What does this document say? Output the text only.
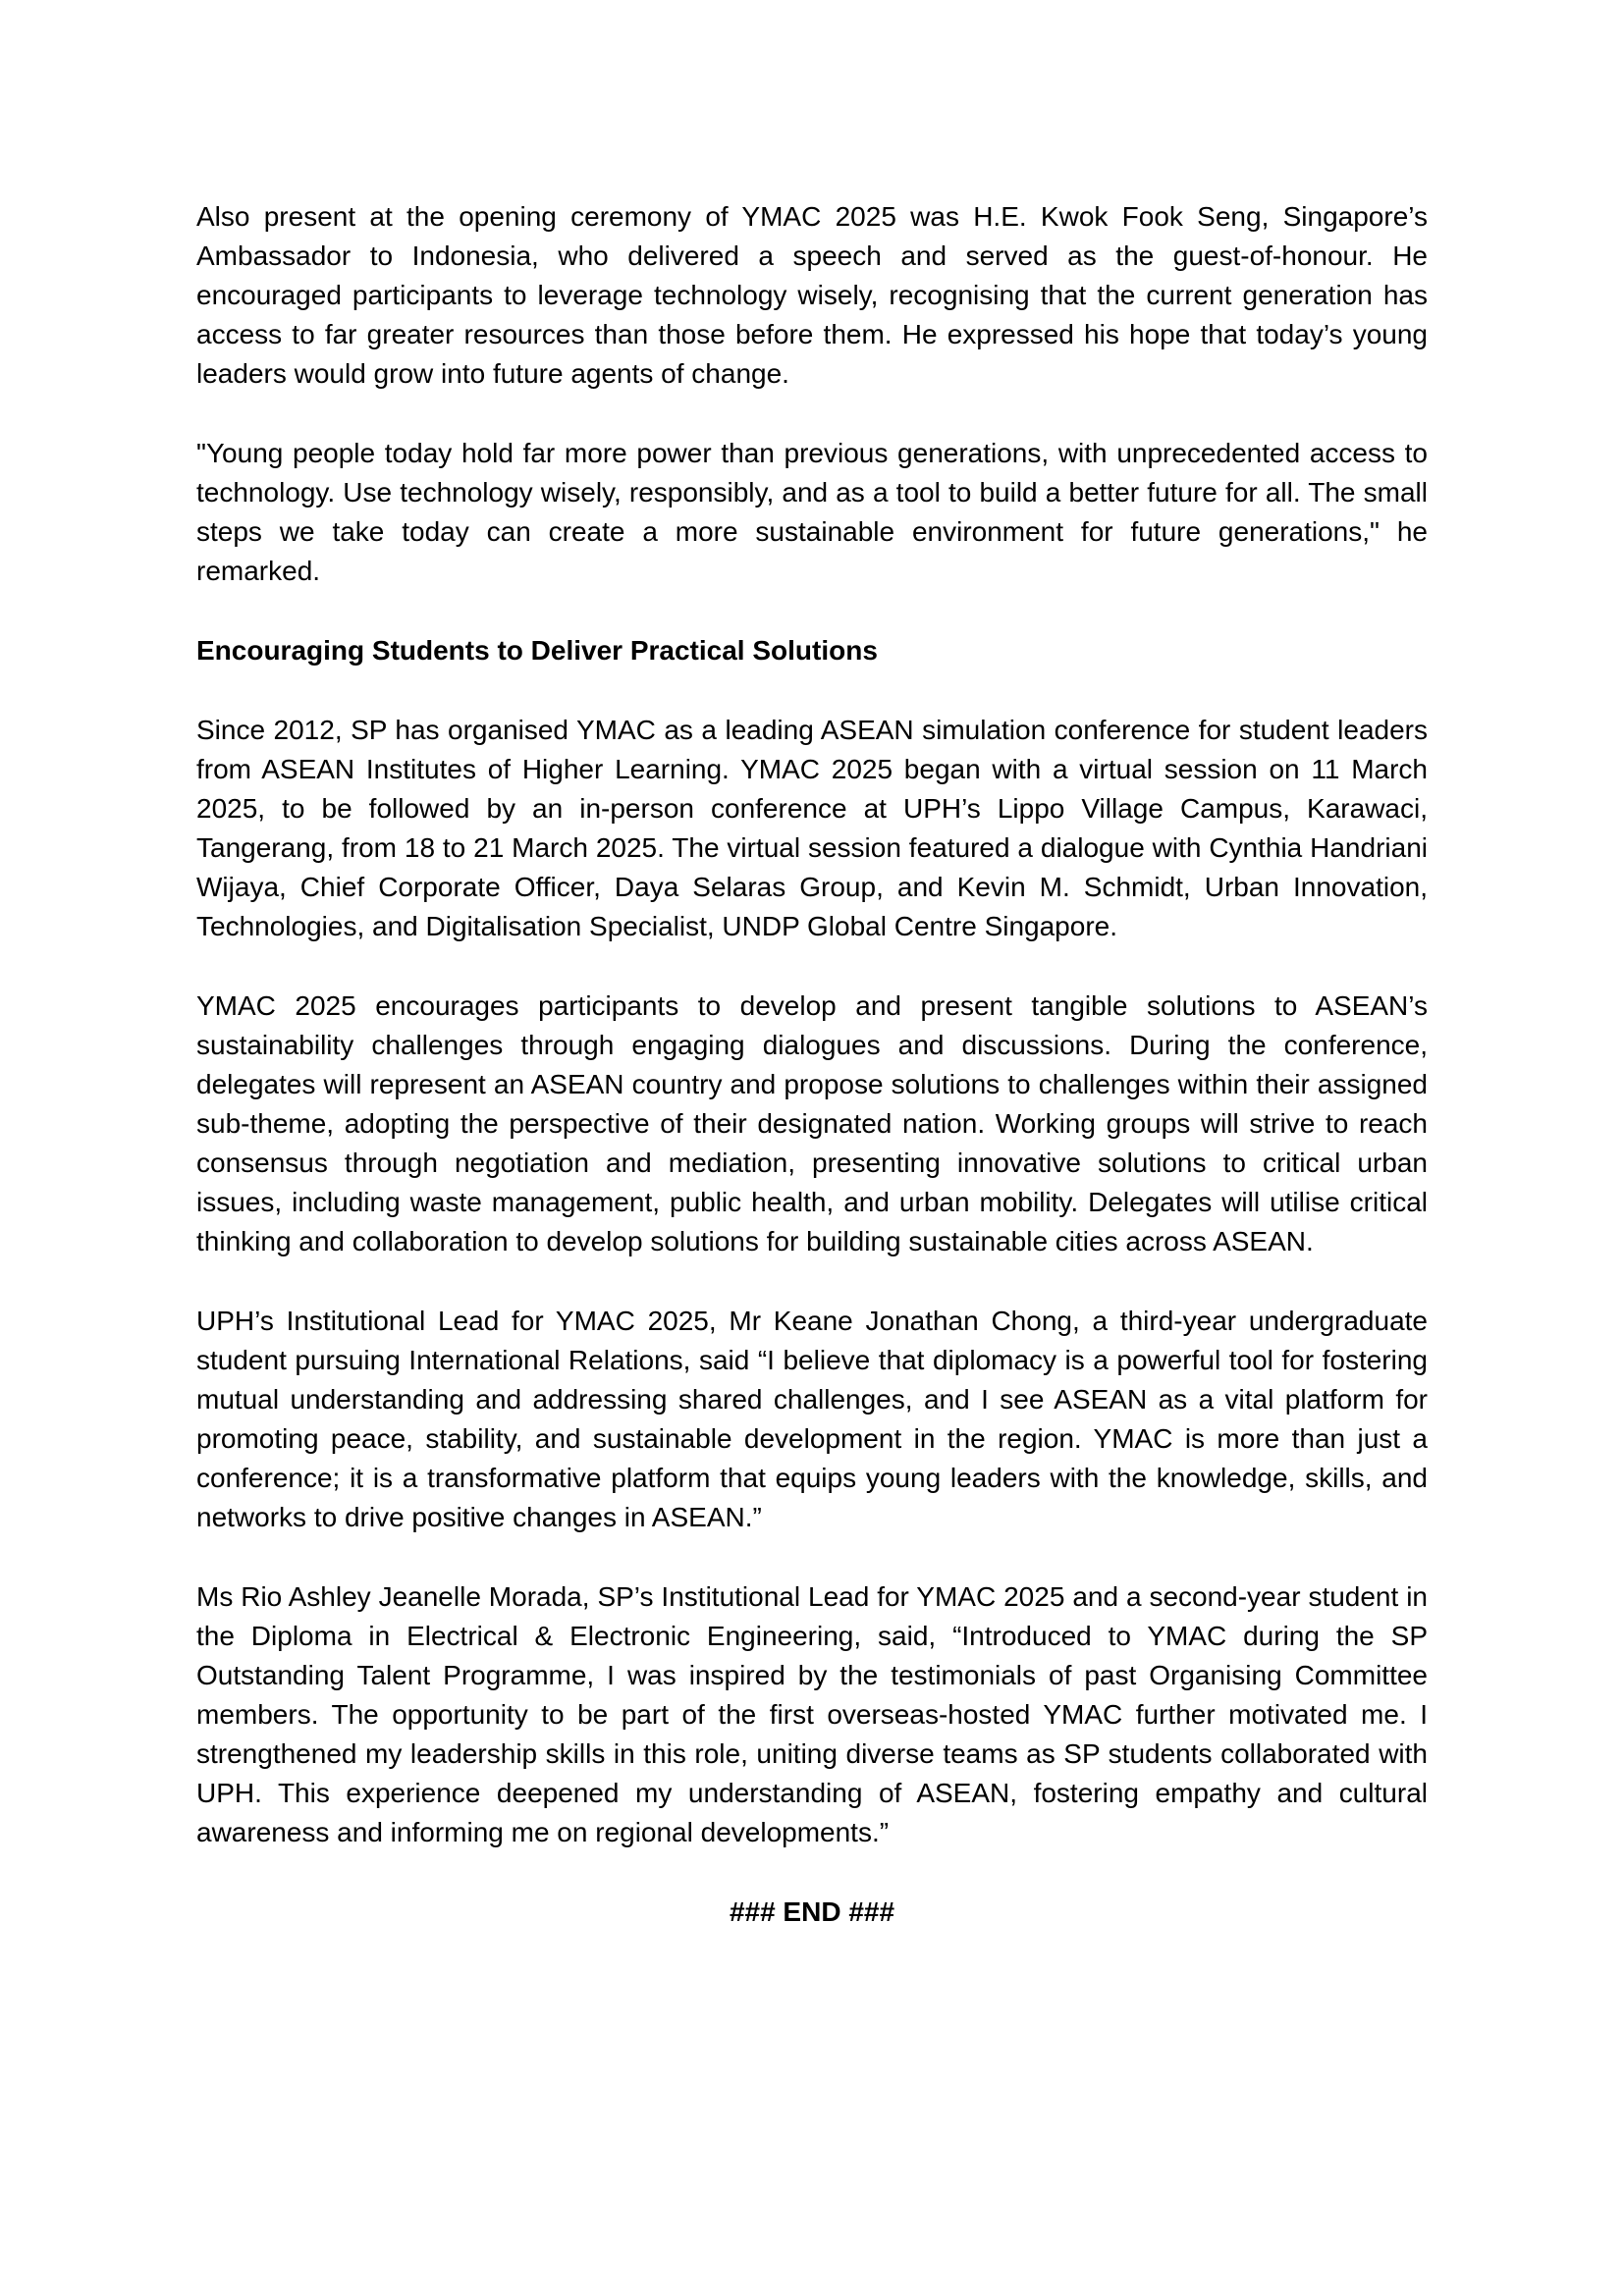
Also present at the opening ceremony of YMAC 2025 was H.E. Kwok Fook Seng, Singapore’s Ambassador to Indonesia, who delivered a speech and served as the guest-of-honour. He encouraged participants to leverage technology wisely, recognising that the current generation has access to far greater resources than those before them. He expressed his hope that today’s young leaders would grow into future agents of change.

"Young people today hold far more power than previous generations, with unprecedented access to technology. Use technology wisely, responsibly, and as a tool to build a better future for all. The small steps we take today can create a more sustainable environment for future generations," he remarked.

Encouraging Students to Deliver Practical Solutions

Since 2012, SP has organised YMAC as a leading ASEAN simulation conference for student leaders from ASEAN Institutes of Higher Learning. YMAC 2025 began with a virtual session on 11 March 2025, to be followed by an in-person conference at UPH’s Lippo Village Campus, Karawaci, Tangerang, from 18 to 21 March 2025. The virtual session featured a dialogue with Cynthia Handriani Wijaya, Chief Corporate Officer, Daya Selaras Group, and Kevin M. Schmidt, Urban Innovation, Technologies, and Digitalisation Specialist, UNDP Global Centre Singapore.

YMAC 2025 encourages participants to develop and present tangible solutions to ASEAN’s sustainability challenges through engaging dialogues and discussions. During the conference, delegates will represent an ASEAN country and propose solutions to challenges within their assigned sub-theme, adopting the perspective of their designated nation. Working groups will strive to reach consensus through negotiation and mediation, presenting innovative solutions to critical urban issues, including waste management, public health, and urban mobility. Delegates will utilise critical thinking and collaboration to develop solutions for building sustainable cities across ASEAN.

UPH’s Institutional Lead for YMAC 2025, Mr Keane Jonathan Chong, a third-year undergraduate student pursuing International Relations, said “I believe that diplomacy is a powerful tool for fostering mutual understanding and addressing shared challenges, and I see ASEAN as a vital platform for promoting peace, stability, and sustainable development in the region. YMAC is more than just a conference; it is a transformative platform that equips young leaders with the knowledge, skills, and networks to drive positive changes in ASEAN.”

Ms Rio Ashley Jeanelle Morada, SP’s Institutional Lead for YMAC 2025 and a second-year student in the Diploma in Electrical & Electronic Engineering, said, “Introduced to YMAC during the SP Outstanding Talent Programme, I was inspired by the testimonials of past Organising Committee members. The opportunity to be part of the first overseas-hosted YMAC further motivated me. I strengthened my leadership skills in this role, uniting diverse teams as SP students collaborated with UPH. This experience deepened my understanding of ASEAN, fostering empathy and cultural awareness and informing me on regional developments.”

### END ###
